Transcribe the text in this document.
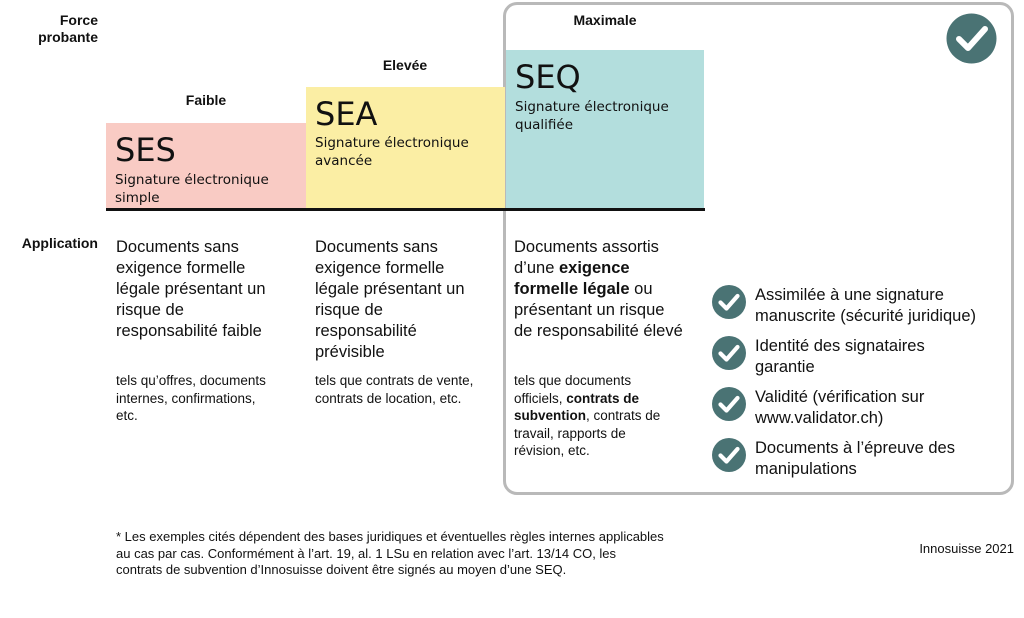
Force
probante
Application
Faible
Elevée
Maximale
SES
Signature électronique
simple
SEA
Signature électronique
avancée
SEQ
Signature électronique
qualifiée
Documents sans
exigence formelle
légale présentant un
risque de
responsabilité faible
tels qu’offres, documents
internes, confirmations,
etc.
Documents sans
exigence formelle
légale présentant un
risque de
responsabilité
prévisible
tels que contrats de vente,
contrats de location, etc.
Documents assortis
d’une exigence
formelle légale ou
présentant un risque
de responsabilité élevé
tels que documents
officiels, contrats de
subvention, contrats de
travail, rapports de
révision, etc.
Assimilée à une signature manuscrite (sécurité juridique)
Identité des signataires garantie
Validité (vérification sur www.validator.ch)
Documents à l’épreuve des manipulations
* Les exemples cités dépendent des bases juridiques et éventuelles règles internes applicables
au cas par cas. Conformément à l’art. 19, al. 1 LSu en relation avec l’art. 13/14 CO, les
contrats de subvention d’Innosuisse doivent être signés au moyen d’une SEQ.
Innosuisse 2021
